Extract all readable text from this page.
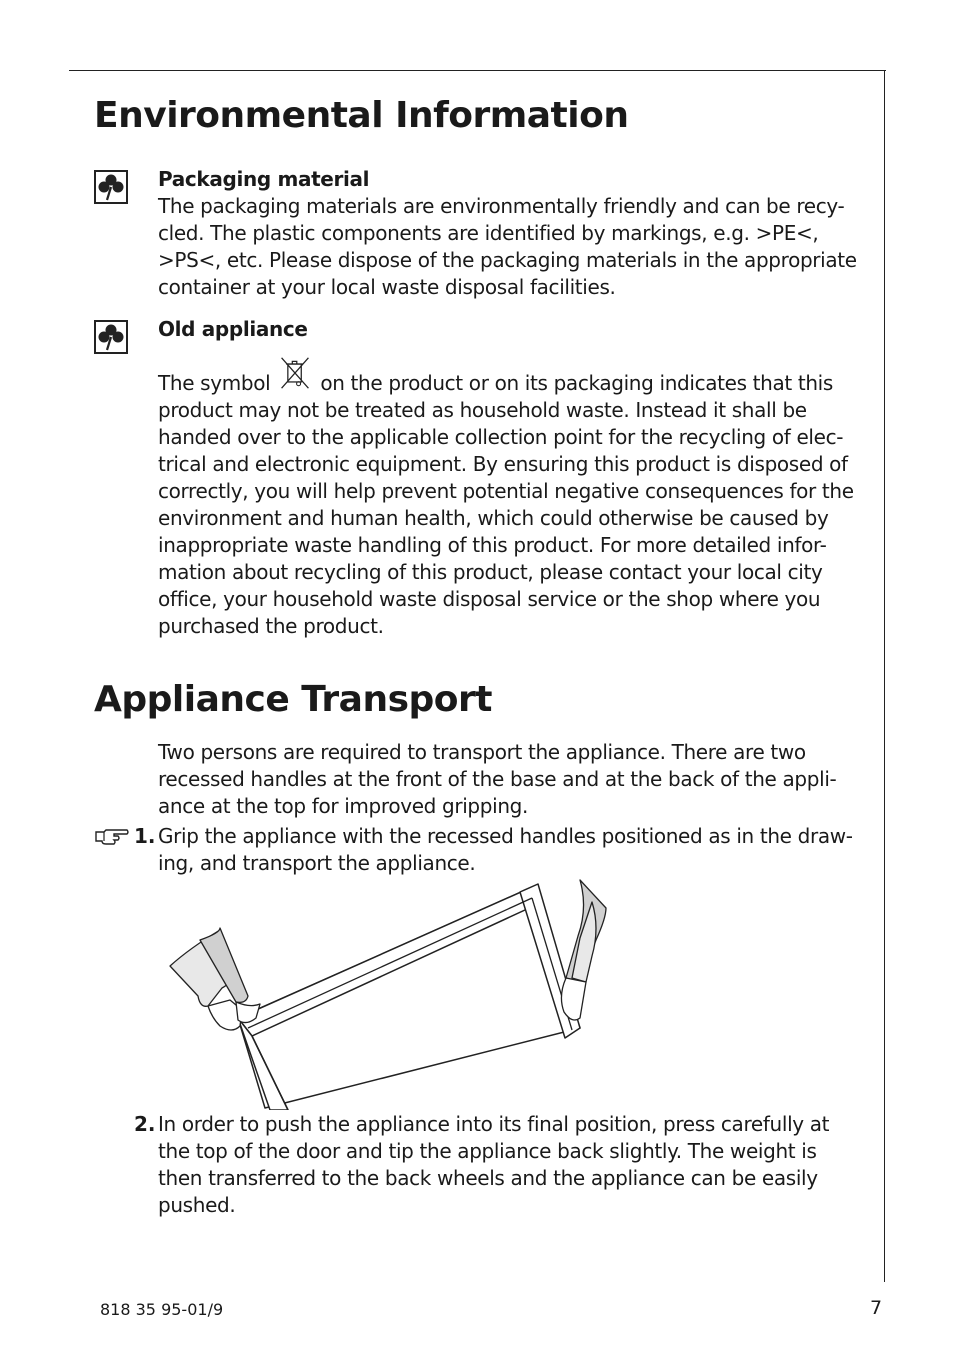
Environmental Information
Packaging material
The packaging materials are environmentally friendly and can be recy-
cled. The plastic components are identified by markings, e.g. >PE<,
>PS<, etc. Please dispose of the packaging materials in the appropriate
container at your local waste disposal facilities.
Old appliance
The symbol	on the product or on its packaging indicates that this
product may not be treated as household waste. Instead it shall be
handed over to the applicable collection point for the recycling of elec-
trical and electronic equipment. By ensuring this product is disposed of
correctly, you will help prevent potential negative consequences for the
environment and human health, which could otherwise be caused by
inappropriate waste handling of this product. For more detailed infor-
mation about recycling of this product, please contact your local city
office, your household waste disposal service or the shop where you
purchased the product.
Appliance Transport
Two persons are required to transport the appliance. There are two
recessed handles at the front of the base and at the back of the appli-
ance at the top for improved gripping.
1. Grip the appliance with the recessed handles positioned as in the draw-
ing, and transport the appliance.
2. In order to push the appliance into its final position, press carefully at
the top of the door and tip the appliance back slightly. The weight is
then transferred to the back wheels and the appliance can be easily
pushed.
818 35 95-01/9	7
